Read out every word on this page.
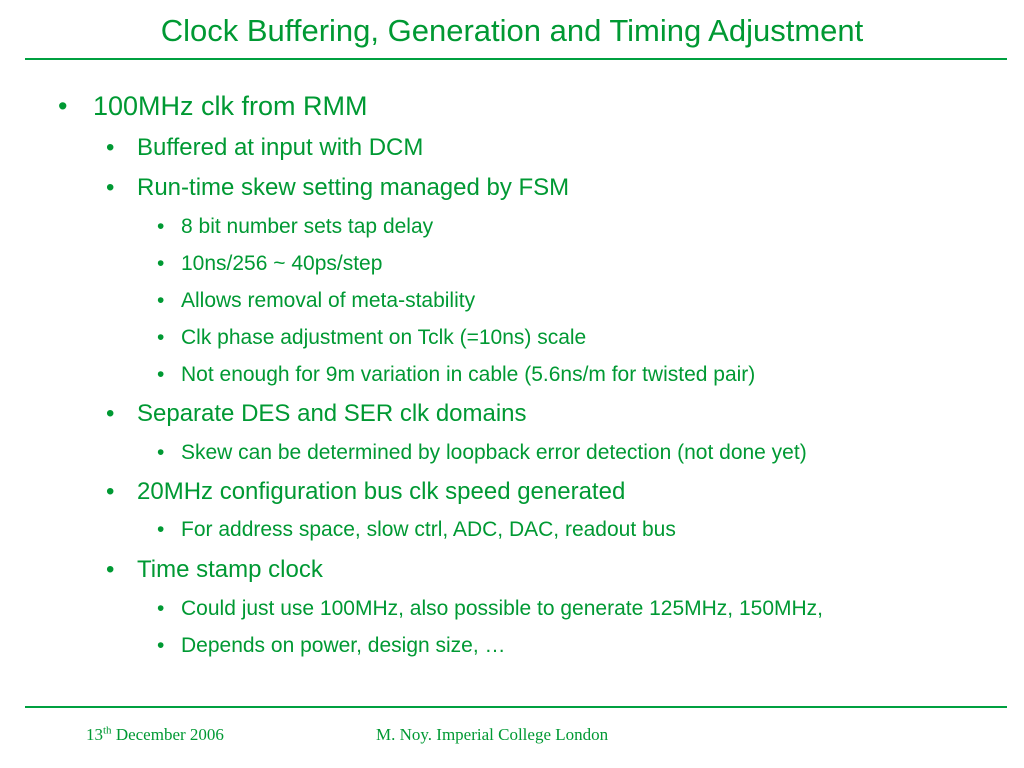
Clock Buffering, Generation and Timing Adjustment
• 100MHz clk from RMM
• Buffered at input with DCM
• Run-time skew setting managed by FSM
• 8 bit number sets tap delay
• 10ns/256 ~ 40ps/step
• Allows removal of meta-stability
• Clk phase adjustment on Tclk (=10ns) scale
• Not enough for 9m variation in cable (5.6ns/m for twisted pair)
• Separate DES and SER clk domains
• Skew can be determined by loopback error detection (not done yet)
• 20MHz configuration bus clk speed generated
• For address space, slow ctrl, ADC, DAC, readout bus
• Time stamp clock
• Could just use 100MHz, also possible to generate 125MHz, 150MHz,
• Depends on power, design size, …
13th December 2006	M. Noy. Imperial College London
